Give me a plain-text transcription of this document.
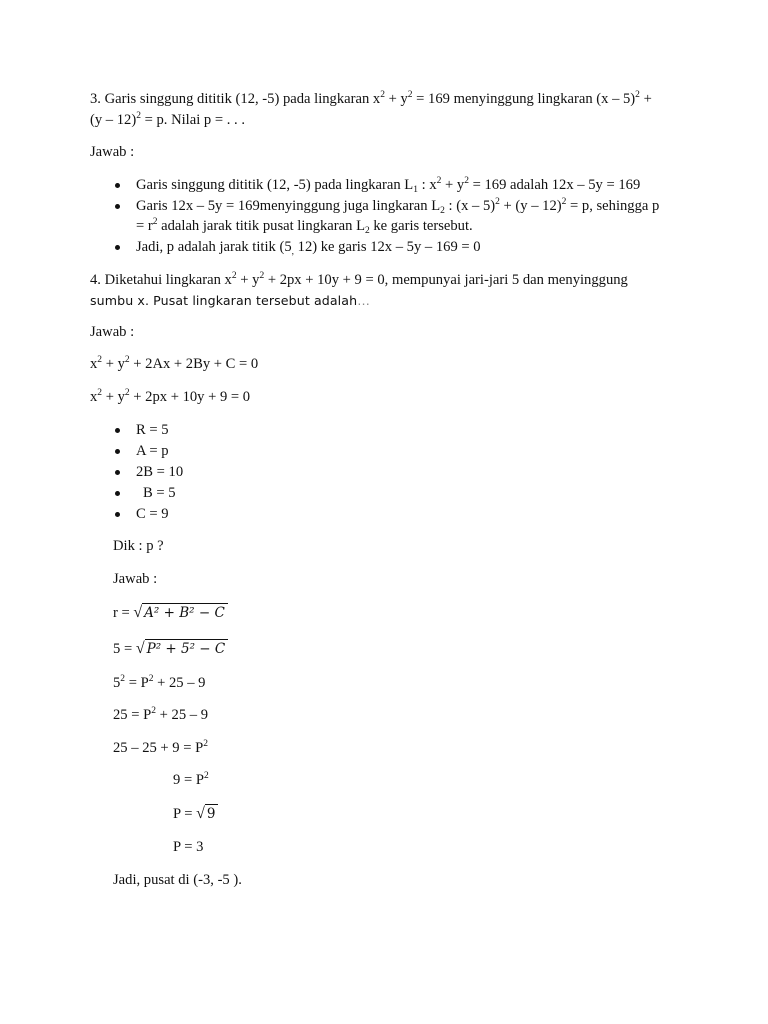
3. Garis singgung dititik (12, -5) pada lingkaran $x^2 + y^2 = 169$ menyinggung lingkaran (x – 5)$^2$ +
(y – 12)$^2$ = p. Nilai p = . . .
Jawab :
Garis singgung dititik (12, -5) pada lingkaran $L_1$ : $x^2 + y^2 = 169$ adalah 12x – 5y = 169
Garis 12x – 5y = 169menyinggung juga lingkaran $L_2$ : (x – 5)$^2$ + (y – 12)$^2$ = p, sehingga p
= $r^2$ adalah jarak titik pusat lingkaran $L_2$ ke garis tersebut.
Jadi, p adalah jarak titik ($5_,$ 12) ke garis 12x – 5y – 169 = 0
4. Diketahui lingkaran $x^2 + y^2 + 2px + 10y + 9 = 0$, mempunyai jari-jari 5 dan menyinggung
sumbu x. Pusat lingkaran tersebut adalah…
Jawab :
$x^2 + y^2 + 2Ax + 2By + C = 0$
$x^2 + y^2 + 2px + 10y + 9 = 0$
R = 5
A = p
2B = 10
B = 5
C = 9
Dik : p ?
Jawab :
r = √ A² + B² − C
5 = √ P² + 5² − C
$5^2 = P^2 + 25 - 9$
$25 = P^2 + 25 - 9$
$25 - 25 + 9 = P^2$
$9 = P^2$
P = √ 9
P = 3
Jadi, pusat di (-3, -5 ).
